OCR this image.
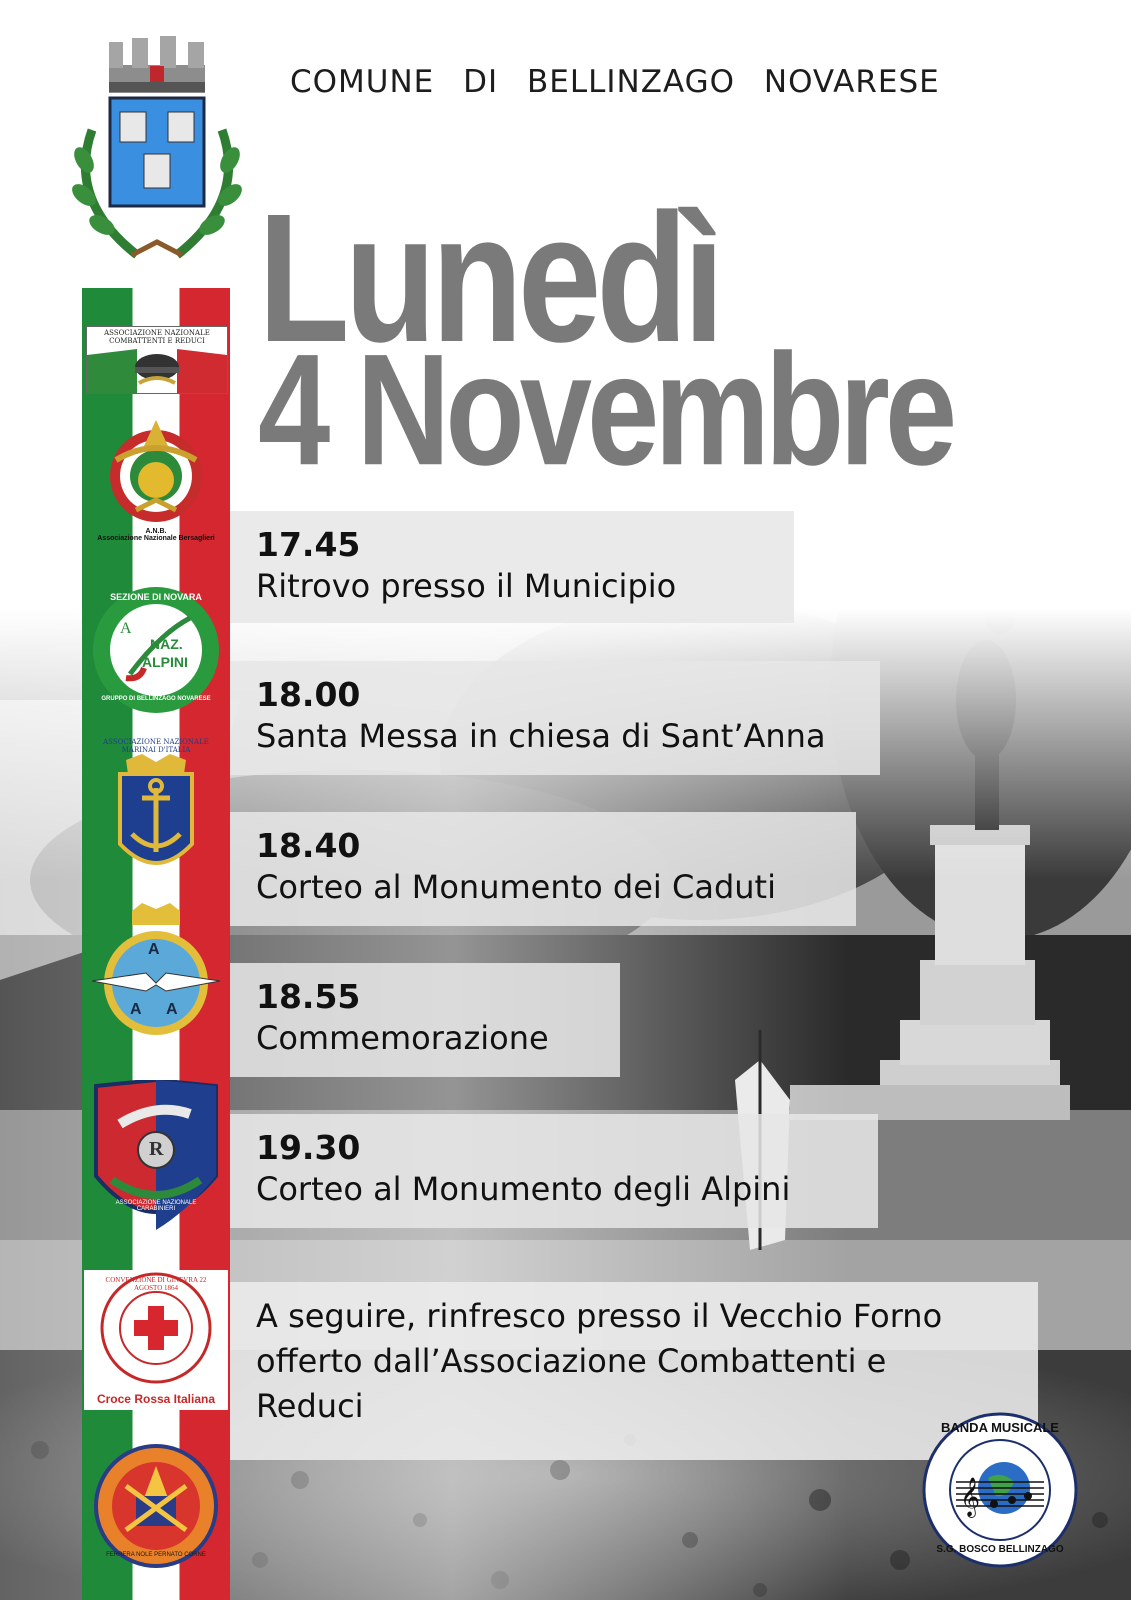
ASSOCIAZIONE NAZIONALE COMBATTENTI E REDUCI
A.N.B.
Associazione Nazionale Bersaglieri
SEZIONE DI NOVARA
A
NAZ.
ALPINI
GRUPPO DI BELLINZAGO NOVARESE
ASSOCIAZIONE NAZIONALE MARINAI D'ITALIA
A
A A
R
ASSOCIAZIONE NAZIONALE CARABINIERI
CONVENZIONE DI GINEVRA 22 AGOSTO 1864
Croce Rossa Italiana
FERRERA NOLE PERNATO CORNE
COMUNE DI BELLINZAGO NOVARESE
Lunedì
4 Novembre
17.45
Ritrovo presso il Municipio
18.00
Santa Messa in chiesa di Sant’Anna
18.40
Corteo al Monumento dei Caduti
18.55
Commemorazione
19.30
Corteo al Monumento degli Alpini
A seguire, rinfresco presso il Vecchio Forno
offerto dall’Associazione Combattenti e
Reduci
𝄞
BANDA MUSICALE
S.G. BOSCO BELLINZAGO
